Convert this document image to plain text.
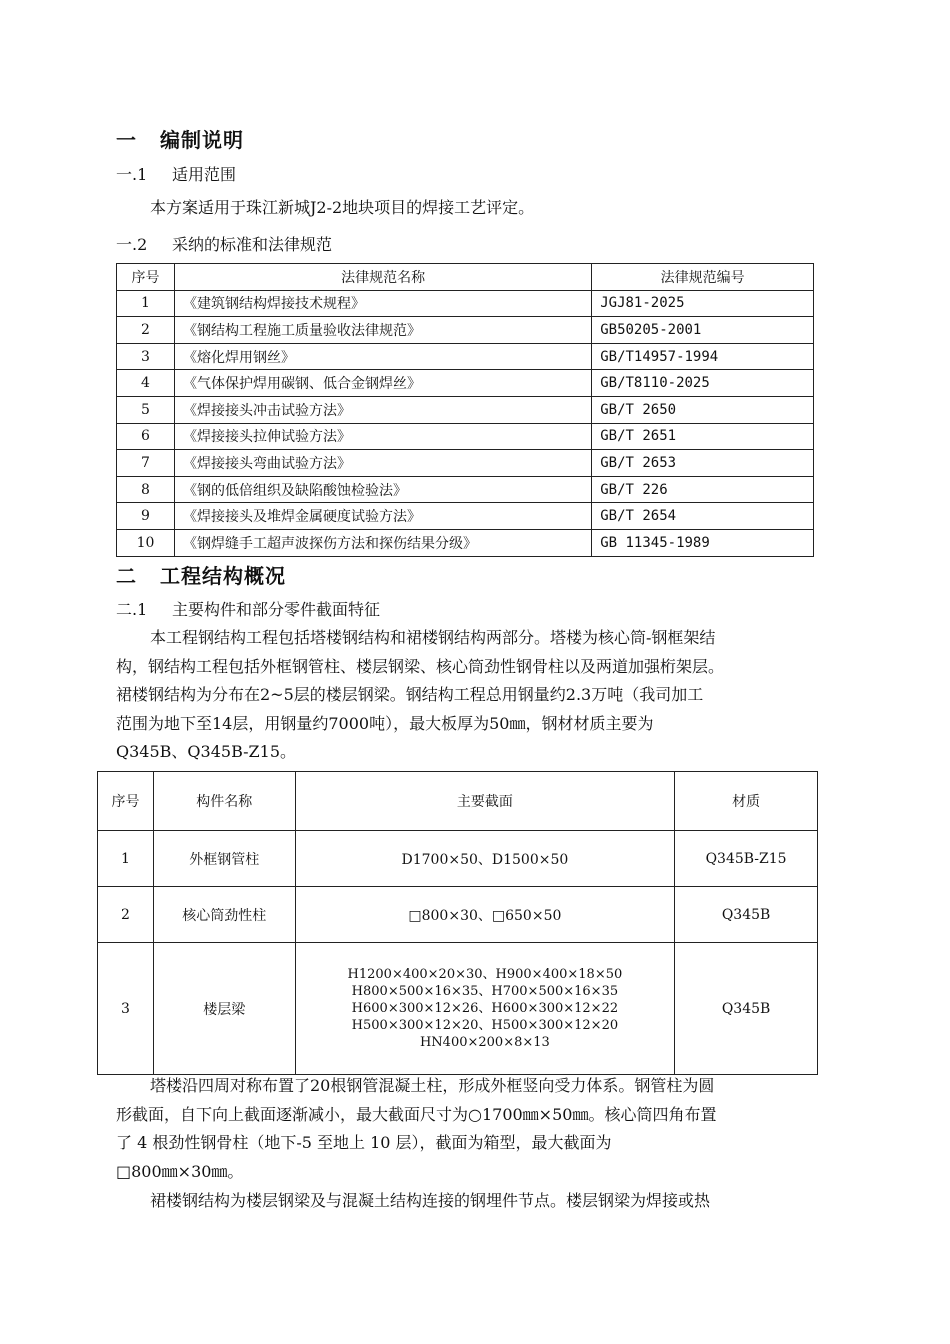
一 编制说明
一.1 适用范围
本方案适用于珠江新城J2-2地块项目的焊接工艺评定。
一.2 采纳的标准和法律规范
序号	法律规范名称	法律规范编号
1	《建筑钢结构焊接技术规程》	JGJ81-2025
2	《钢结构工程施工质量验收法律规范》	GB50205-2001
3	《熔化焊用钢丝》	GB/T14957-1994
4	《气体保护焊用碳钢、低合金钢焊丝》	GB/T8110-2025
5	《焊接接头冲击试验方法》	GB/T 2650
6	《焊接接头拉伸试验方法》	GB/T 2651
7	《焊接接头弯曲试验方法》	GB/T 2653
8	《钢的低倍组织及缺陷酸蚀检验法》	GB/T 226
9	《焊接接头及堆焊金属硬度试验方法》	GB/T 2654
10	《钢焊缝手工超声波探伤方法和探伤结果分级》	GB 11345-1989
二 工程结构概况
二.1 主要构件和部分零件截面特征
本工程钢结构工程包括塔楼钢结构和裙楼钢结构两部分。塔楼为核心筒-钢框架结
构，钢结构工程包括外框钢管柱、楼层钢梁、核心筒劲性钢骨柱以及两道加强桁架层。
裙楼钢结构为分布在2~5层的楼层钢梁。钢结构工程总用钢量约2.3万吨（我司加工
范围为地下至14层，用钢量约7000吨），最大板厚为50㎜，钢材材质主要为
Q345B、Q345B-Z15。
序号	构件名称	主要截面	材质
1	外框钢管柱	D1700×50、D1500×50	Q345B-Z15
2	核心筒劲性柱	□800×30、□650×50	Q345B
3	楼层梁	H1200×400×20×30、H900×400×18×50
H800×500×16×35、H700×500×16×35
H600×300×12×26、H600×300×12×22
H500×300×12×20、H500×300×12×20
HN400×200×8×13	Q345B
塔楼沿四周对称布置了20根钢管混凝土柱，形成外框竖向受力体系。钢管柱为圆
形截面，自下向上截面逐渐减小，最大截面尺寸为○1700㎜×50㎜。核心筒四角布置
了 4 根劲性钢骨柱（地下-5 至地上 10 层），截面为箱型，最大截面为
□800㎜×30㎜。
裙楼钢结构为楼层钢梁及与混凝土结构连接的钢埋件节点。楼层钢梁为焊接或热
